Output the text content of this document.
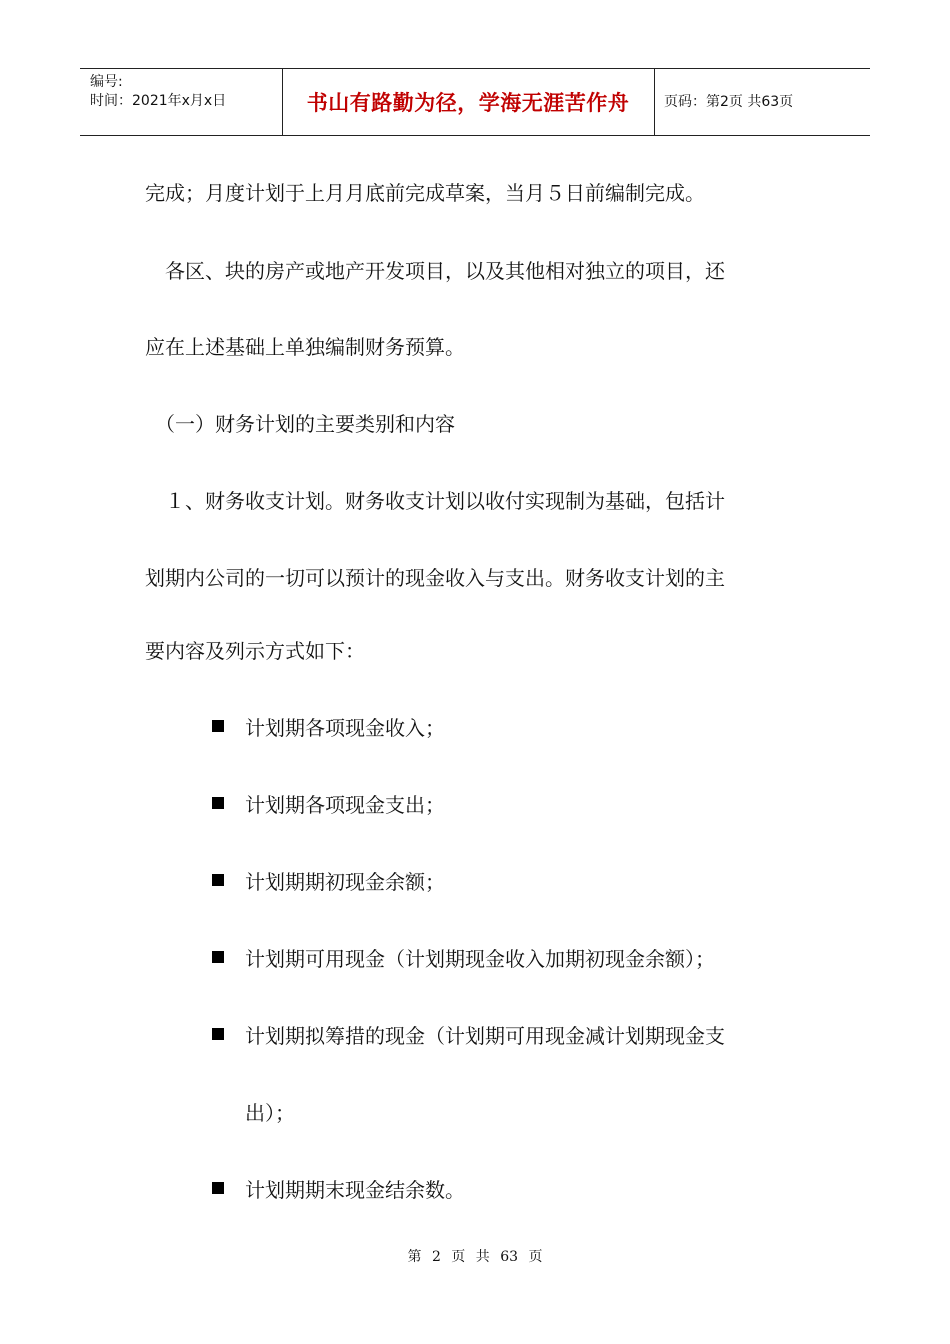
编号:
时间：2021年x月x日	书山有路勤为径，学海无涯苦作舟	页码：第2页 共63页
完成；月度计划于上月月底前完成草案，当月５日前编制完成。
　各区、块的房产或地产开发项目，以及其他相对独立的项目，还
应在上述基础上单独编制财务预算。
　（一）财务计划的主要类别和内容
　１、财务收支计划。财务收支计划以收付实现制为基础，包括计
划期内公司的一切可以预计的现金收入与支出。财务收支计划的主
要内容及列示方式如下：
计划期各项现金收入；
计划期各项现金支出；
计划期期初现金余额；
计划期可用现金（计划期现金收入加期初现金余额）；
计划期拟筹措的现金（计划期可用现金减计划期现金支
出）；
计划期期末现金结余数。
第 2 页 共 63 页
